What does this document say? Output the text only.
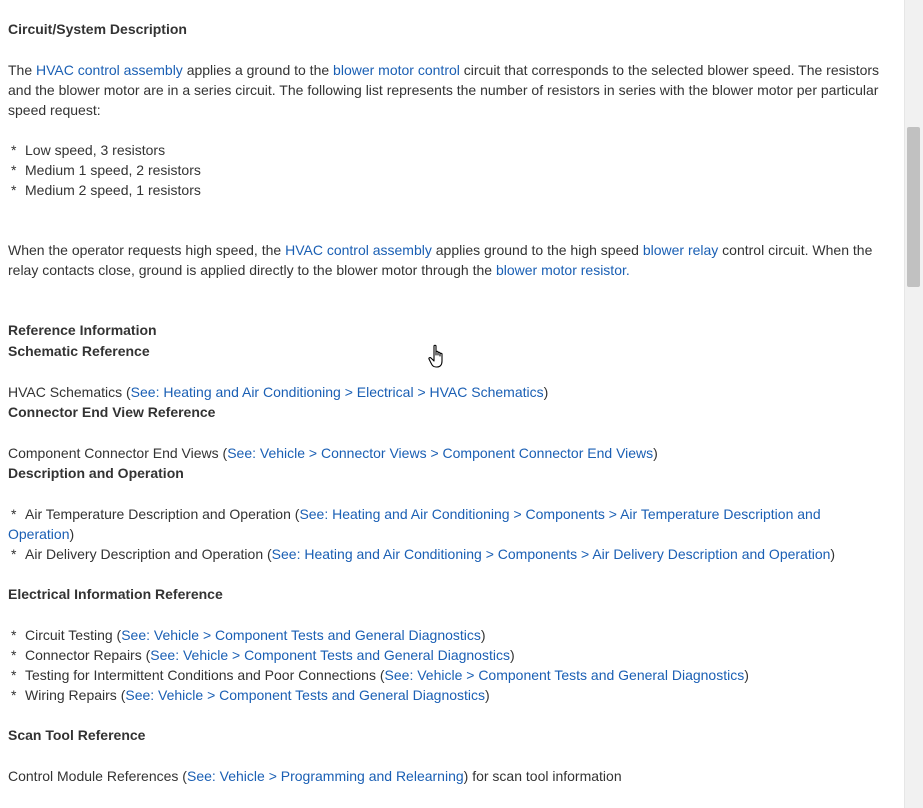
Circuit/System Description
The HVAC control assembly applies a ground to the blower motor control circuit that corresponds to the selected blower speed. The resistors and the blower motor are in a series circuit. The following list represents the number of resistors in series with the blower motor per particular speed request:
* Low speed, 3 resistors
* Medium 1 speed, 2 resistors
* Medium 2 speed, 1 resistors
When the operator requests high speed, the HVAC control assembly applies ground to the high speed blower relay control circuit. When the relay contacts close, ground is applied directly to the blower motor through the blower motor resistor.
Reference Information
Schematic Reference
HVAC Schematics (See: Heating and Air Conditioning > Electrical > HVAC Schematics)
Connector End View Reference
Component Connector End Views (See: Vehicle > Connector Views > Component Connector End Views)
Description and Operation
* Air Temperature Description and Operation (See: Heating and Air Conditioning > Components > Air Temperature Description and Operation)
* Air Delivery Description and Operation (See: Heating and Air Conditioning > Components > Air Delivery Description and Operation)
Electrical Information Reference
* Circuit Testing (See: Vehicle > Component Tests and General Diagnostics)
* Connector Repairs (See: Vehicle > Component Tests and General Diagnostics)
* Testing for Intermittent Conditions and Poor Connections (See: Vehicle > Component Tests and General Diagnostics)
* Wiring Repairs (See: Vehicle > Component Tests and General Diagnostics)
Scan Tool Reference
Control Module References (See: Vehicle > Programming and Relearning) for scan tool information
